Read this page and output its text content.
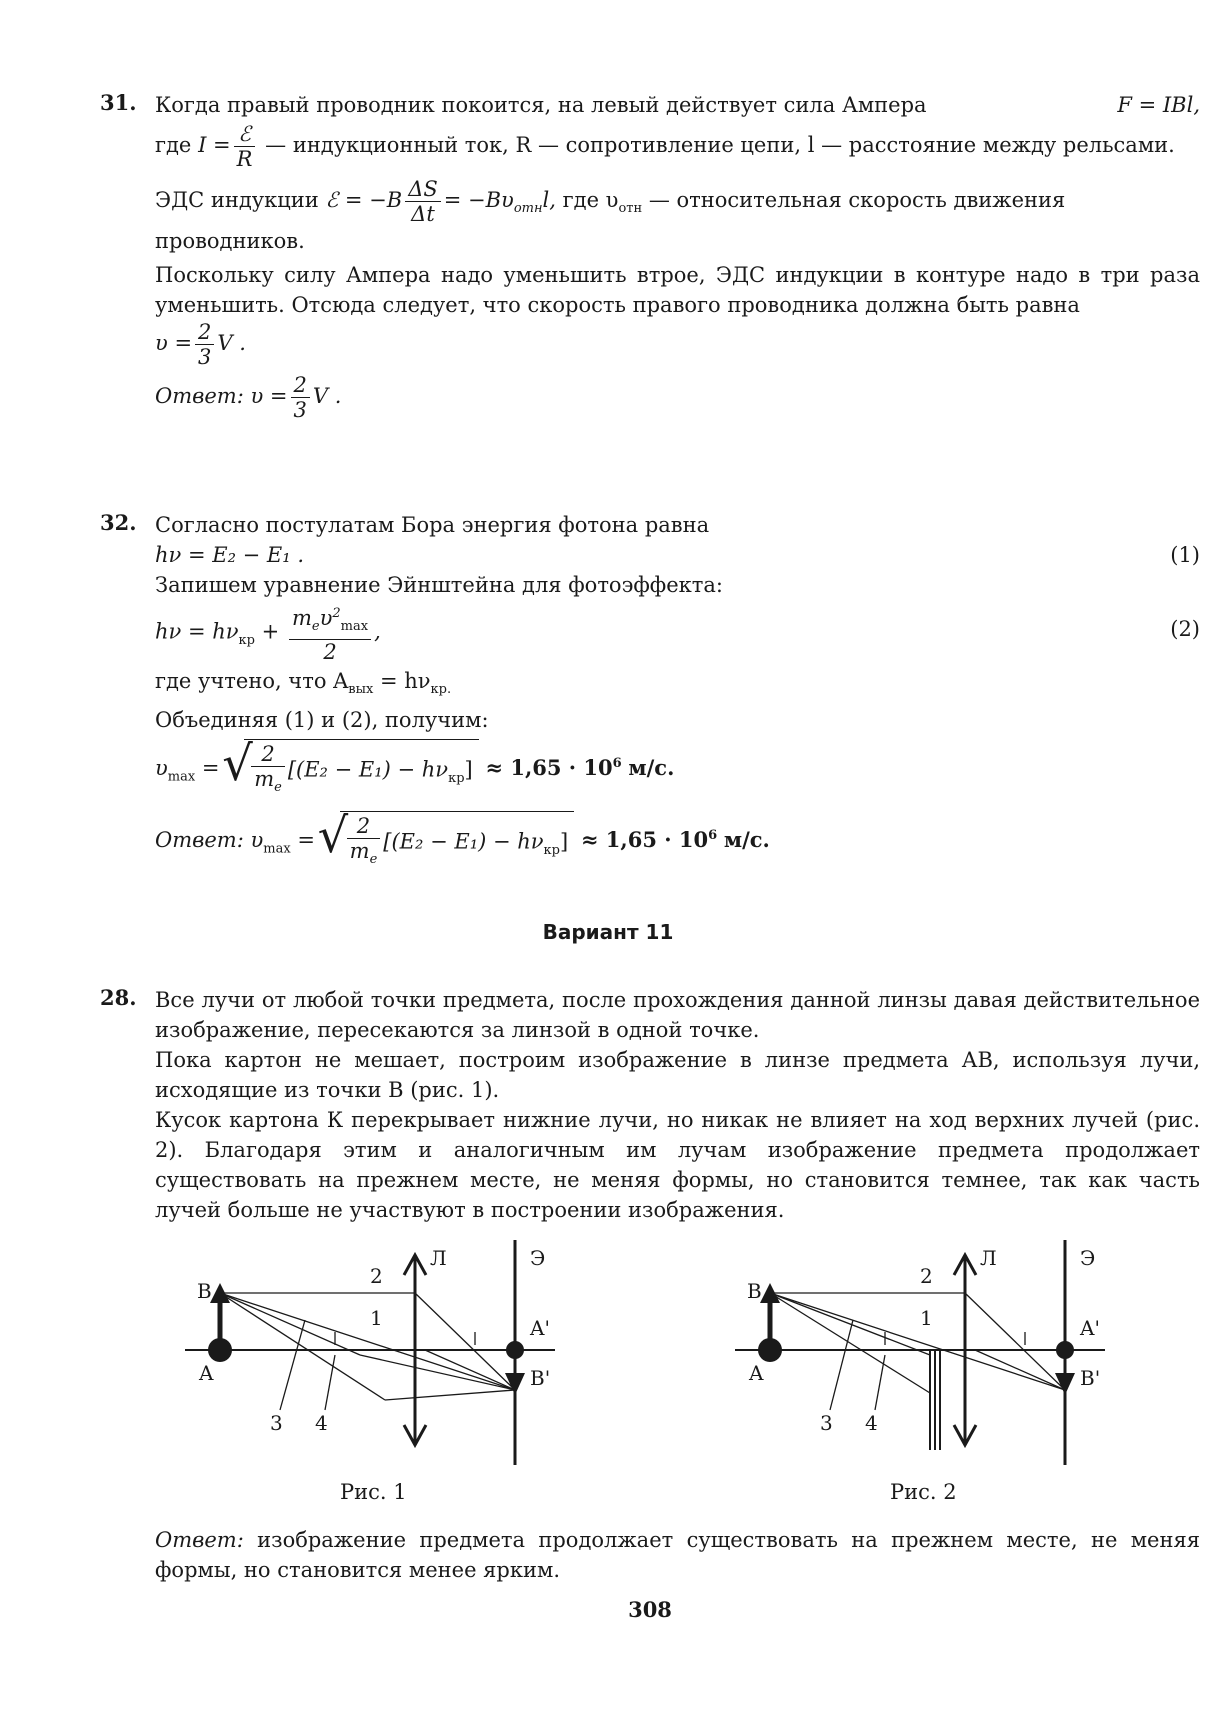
31. Когда правый проводник покоится, на левый действует сила Ампера	F = IBl,
где $I = \frac{\text{ℰ}}{R}$ — индукционный ток, R — сопротивление цепи, l — расстояние между рельсами.
ЭДС индукции ℰ = $-B \frac{\Delta S}{\Delta t} = -B\upsilon_{отн}l$, где $\upsilon_{отн}$ — относительная скорость движения проводников.
Поскольку силу Ампера надо уменьшить втрое, ЭДС индукции в контуре надо в три раза уменьшить. Отсюда следует, что скорость правого проводника должна быть равна
$\upsilon = \frac{2}{3}$ V .
Ответ: $\upsilon = \frac{2}{3}$ V .
32. Согласно постулатам Бора энергия фотона равна
hν = E₂ − E₁ .	(1)
Запишем уравнение Эйнштейна для фотоэффекта:
$h\nu = h\nu_{кр} + \frac{m_e\upsilon^2_{max}}{2}$ ,	(2)
где учтено, что $A_{вых} = h\nu_{кр.}$
Объединяя (1) и (2), получим:
$\upsilon_{max}$ = √ $\frac{2}{m_e} [(E_2 - E_1) - h\nu_{кр}] \approx 1,65 \cdot 10^6$ м/с.
Ответ: $\upsilon_{max}$ = √ $\frac{2}{m_e} [(E_2 - E_1) - h\nu_{кр}] \approx 1,65 \cdot 10^6$ м/с.
Вариант 11
28. Все лучи от любой точки предмета, после прохождения данной линзы давая действительное изображение, пересекаются за линзой в одной точке.
Пока картон не мешает, построим изображение в линзе предмета АВ, используя лучи, исходящие из точки В (рис. 1).
Кусок картона К перекрывает нижние лучи, но никак не влияет на ход верхних лучей (рис. 2). Благодаря этим и аналогичным им лучам изображение предмета продолжает существовать на прежнем месте, не меняя формы, но становится темнее, так как часть лучей больше не участвуют в построении изображения.
B
A
Л	Э
A'
B'
1
2
3 4
Рис. 1
B
A
Л	Э
A'
B'
1
2
3 4
Рис. 2
Ответ: изображение предмета продолжает существовать на прежнем месте, не меняя формы, но становится менее ярким.
308
